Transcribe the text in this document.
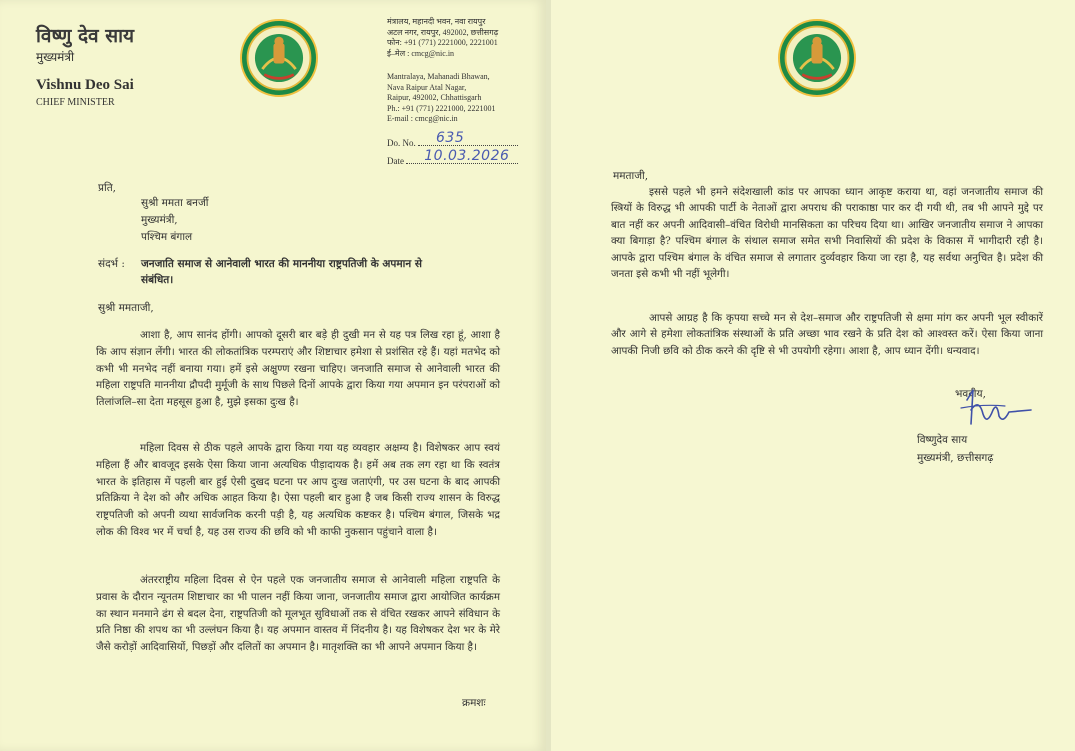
विष्णु देव साय
मुख्यमंत्री
Vishnu Deo Sai
CHIEF MINISTER
मंत्रालय, महानदी भवन, नवा रायपुर
अटल नगर, रायपुर, 492002, छत्तीसगढ़
फोन: +91 (771) 2221000, 2221001
ई–मेल : cmcg@nic.in
Mantralaya, Mahanadi Bhawan,
Nava Raipur Atal Nagar,
Raipur, 492002, Chhattisgarh
Ph.: +91 (771) 2221000, 2221001
E-mail : cmcg@nic.in
Do. No. 635
Date 10.03.2026
प्रति,
सुश्री ममता बनर्जी
मुख्यमंत्री,
पश्चिम बंगाल
संदर्भ : जनजाति समाज से आनेवाली भारत की माननीया राष्ट्रपतिजी के अपमान से
संबंधित।
सुश्री ममताजी,
आशा है, आप सानंद होंगी। आपको दूसरी बार बड़े ही दुखी मन से यह पत्र लिख रहा हूं, आशा है कि आप संज्ञान लेंगी। भारत की लोकतांत्रिक परम्पराएं और शिष्टाचार हमेशा से प्रशंसित रहे हैं। यहां मतभेद को कभी भी मनभेद नहीं बनाया गया। हमें इसे अक्षुण्ण रखना चाहिए। जनजाति समाज से आनेवाली भारत की महिला राष्ट्रपति माननीया द्रौपदी मुर्मूजी के साथ पिछले दिनों आपके द्वारा किया गया अपमान इन परंपराओं को तिलांजलि–सा देता महसूस हुआ है, मुझे इसका दुःख है।
महिला दिवस से ठीक पहले आपके द्वारा किया गया यह व्यवहार अक्षम्य है। विशेषकर आप स्वयं महिला हैं और बावजूद इसके ऐसा किया जाना अत्यधिक पीड़ादायक है। हमें अब तक लग रहा था कि स्वतंत्र भारत के इतिहास में पहली बार हुई ऐसी दुखद घटना पर आप दुःख जताएंगी, पर उस घटना के बाद आपकी प्रतिक्रिया ने देश को और अधिक आहत किया है। ऐसा पहली बार हुआ है जब किसी राज्य शासन के विरुद्ध राष्ट्रपतिजी को अपनी व्यथा सार्वजनिक करनी पड़ी है, यह अत्यधिक कष्टकर है। पश्चिम बंगाल, जिसके भद्र लोक की विश्व भर में चर्चा है, यह उस राज्य की छवि को भी काफी नुकसान पहुंचाने वाला है।
अंतरराष्ट्रीय महिला दिवस से ऐन पहले एक जनजातीय समाज से आनेवाली महिला राष्ट्रपति के प्रवास के दौरान न्यूनतम शिष्टाचार का भी पालन नहीं किया जाना, जनजातीय समाज द्वारा आयोजित कार्यक्रम का स्थान मनमाने ढंग से बदल देना, राष्ट्रपतिजी को मूलभूत सुविधाओं तक से वंचित रखकर आपने संविधान के प्रति निष्ठा की शपथ का भी उल्लंघन किया है। यह अपमान वास्तव में निंदनीय है। यह विशेषकर देश भर के मेरे जैसे करोड़ों आदिवासियों, पिछड़ों और दलितों का अपमान है। मातृशक्ति का भी आपने अपमान किया है।
क्रमशः
ममताजी,
इससे पहले भी हमने संदेशखाली कांड पर आपका ध्यान आकृष्ट कराया था, वहां जनजातीय समाज की स्त्रियों के विरुद्ध भी आपकी पार्टी के नेताओं द्वारा अपराध की पराकाष्ठा पार कर दी गयी थी, तब भी आपने मुद्दे पर बात नहीं कर अपनी आदिवासी–वंचित विरोधी मानसिकता का परिचय दिया था। आखिर जनजातीय समाज ने आपका क्या बिगाड़ा है? पश्चिम बंगाल के संथाल समाज समेत सभी निवासियों की प्रदेश के विकास में भागीदारी रही है। आपके द्वारा पश्चिम बंगाल के वंचित समाज से लगातार दुर्व्यवहार किया जा रहा है, यह सर्वथा अनुचित है। प्रदेश की जनता इसे कभी भी नहीं भूलेगी।
आपसे आग्रह है कि कृपया सच्चे मन से देश–समाज और राष्ट्रपतिजी से क्षमा मांग कर अपनी भूल स्वीकारें और आगे से हमेशा लोकतांत्रिक संस्थाओं के प्रति अच्छा भाव रखने के प्रति देश को आश्वस्त करें। ऐसा किया जाना आपकी निजी छवि को ठीक करने की दृष्टि से भी उपयोगी रहेगा। आशा है, आप ध्यान देंगी। धन्यवाद।
भवदीय,
विष्णुदेव साय
मुख्यमंत्री, छत्तीसगढ़
